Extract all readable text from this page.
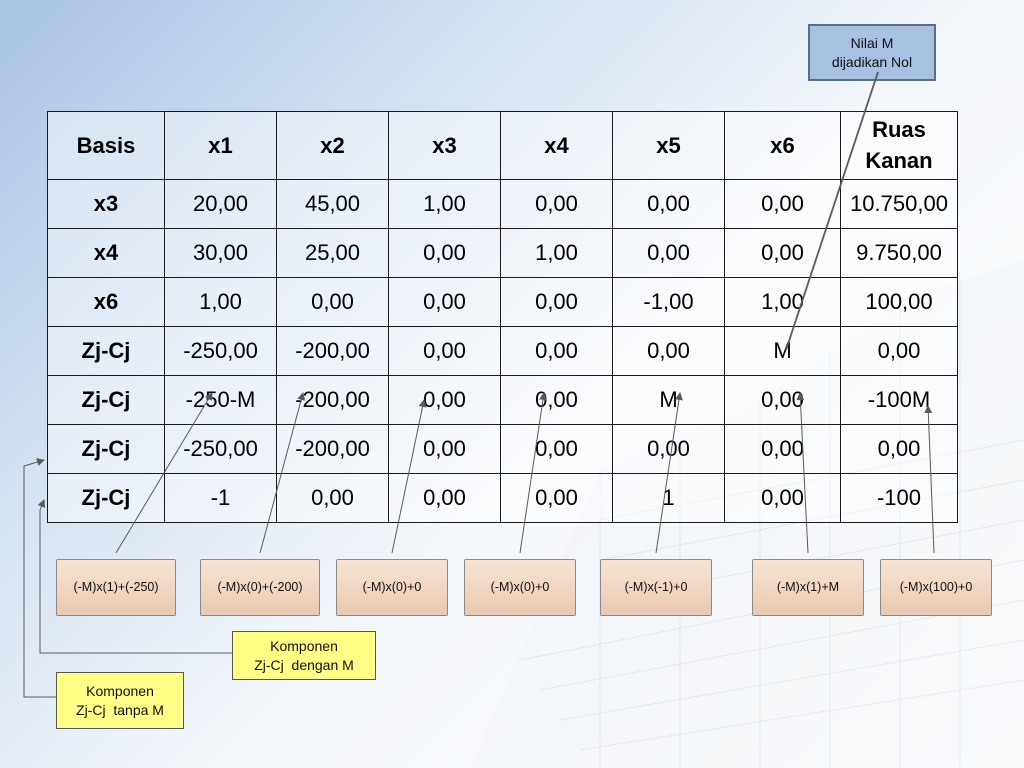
Basis	x1	x2	x3	x4	x5	x6	Ruas Kanan
x3	20,00	45,00	1,00	0,00	0,00	0,00	10.750,00
x4	30,00	25,00	0,00	1,00	0,00	0,00	9.750,00
x6	1,00	0,00	0,00	0,00	-1,00	1,00	100,00
Zj-Cj	-250,00	-200,00	0,00	0,00	0,00	M	0,00
Zj-Cj	-250-M	-200,00	0,00	0,00	M	0,00	-100M
Zj-Cj	-250,00	-200,00	0,00	0,00	0,00	0,00	0,00
Zj-Cj	-1	0,00	0,00	0,00	1	0,00	-100
(-M)x(1)+(-250)	(-M)x(0)+(-200)	(-M)x(0)+0	(-M)x(0)+0	(-M)x(-1)+0	(-M)x(1)+M	(-M)x(100)+0
Nilai M
dijadikan Nol
Komponen
Zj-Cj  dengan M
Komponen
Zj-Cj  tanpa M
